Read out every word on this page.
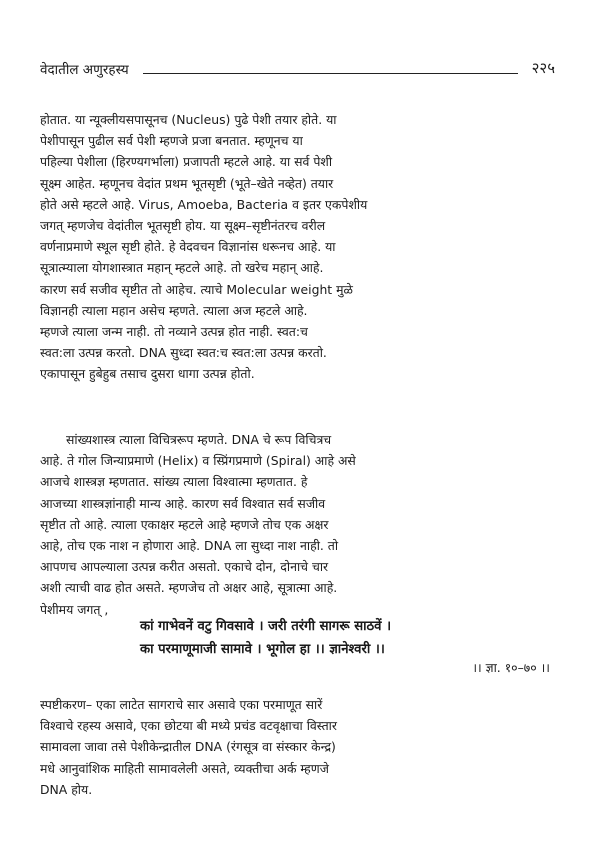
वेदातील अणुरहस्य	२२५
होतात. या न्यूक्लीयसपासूनच (Nucleus) पुढे पेशी तयार होते. या
पेशीपासून पुढील सर्व पेशी म्हणजे प्रजा बनतात. म्हणूनच या
पहिल्या पेशीला (हिरण्यगर्भाला) प्रजापती म्हटले आहे. या सर्व पेशी
सूक्ष्म आहेत. म्हणूनच वेदांत प्रथम भूतसृष्टी (भूते–खेते नव्हेत) तयार
होते असे म्हटले आहे. Virus, Amoeba, Bacteria व इतर एकपेशीय
जगत् म्हणजेच वेदांतील भूतसृष्टी होय. या सूक्ष्म–सृष्टीनंतरच वरील
वर्णनाप्रमाणे स्थूल सृष्टी होते. हे वेदवचन विज्ञानांस धरूनच आहे. या
सूत्रात्म्याला योगशास्त्रात महान् म्हटले आहे. तो खरेच महान् आहे.
कारण सर्व सजीव सृष्टीत तो आहेच. त्याचे Molecular weight मुळे
विज्ञानही त्याला महान असेच म्हणते. त्याला अज म्हटले आहे.
म्हणजे त्याला जन्म नाही. तो नव्याने उत्पन्न होत नाही. स्वत:च
स्वत:ला उत्पन्न करतो. DNA सुध्दा स्वत:च स्वत:ला उत्पन्न करतो.
एकापासून हुबेहुब तसाच दुसरा धागा उत्पन्न होतो.
सांख्यशास्त्र त्याला विचित्ररूप म्हणते. DNA चे रूप विचित्रच
आहे. ते गोल जिन्याप्रमाणे (Helix) व स्प्रिंगप्रमाणे (Spiral) आहे असे
आजचे शास्त्रज्ञ म्हणतात. सांख्य त्याला विश्वात्मा म्हणतात. हे
आजच्या शास्त्रज्ञांनाही मान्य आहे. कारण सर्व विश्वात सर्व सजीव
सृष्टीत तो आहे. त्याला एकाक्षर म्हटले आहे म्हणजे तोच एक अक्षर
आहे, तोच एक नाश न होणारा आहे. DNA ला सुध्दा नाश नाही. तो
आपणच आपल्याला उत्पन्न करीत असतो. एकाचे दोन, दोनाचे चार
अशी त्याची वाढ होत असते. म्हणजेच तो अक्षर आहे, सूत्रात्मा आहे.
पेशीमय जगत् ,
कां गाभेवनें वटु गिवसावे । जरी तरंगी सागरू साठवें ।
का परमाणूमाजी सामावे । भूगोल हा ।। ज्ञानेश्वरी ।।
।। ज्ञा. १०–७० ।।
स्पष्टीकरण– एका लाटेत सागराचे सार असावे एका परमाणूत सारें
विश्वाचे रहस्य असावे, एका छोटया बी मध्ये प्रचंड वटवृक्षाचा विस्तार
सामावला जावा तसे पेशीकेन्द्रातील DNA (रंगसूत्र वा संस्कार केन्द्र)
मधे आनुवांशिक माहिती सामावलेली असते, व्यक्तीचा अर्क म्हणजे
DNA होय.
